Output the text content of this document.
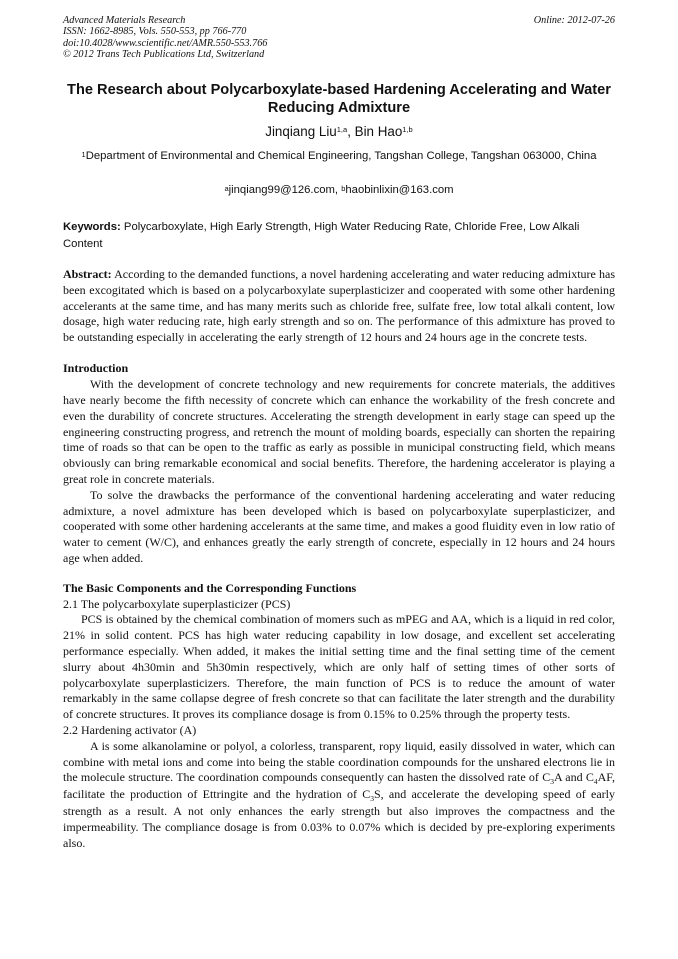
Advanced Materials Research
ISSN: 1662-8985, Vols. 550-553, pp 766-770
doi:10.4028/www.scientific.net/AMR.550-553.766
© 2012 Trans Tech Publications Ltd, Switzerland
Online: 2012-07-26
The Research about Polycarboxylate-based Hardening Accelerating and Water Reducing Admixture
Jinqiang Liu$^{1,a}$, Bin Hao$^{1,b}$
$^1$Department of Environmental and Chemical Engineering, Tangshan College, Tangshan 063000, China
$^a$jinqiang99@126.com, $^b$haobinlixin@163.com
Keywords: Polycarboxylate, High Early Strength, High Water Reducing Rate, Chloride Free, Low Alkali Content

Abstract: According to the demanded functions, a novel hardening accelerating and water reducing admixture has been excogitated which is based on a polycarboxylate superplasticizer and cooperated with some other hardening accelerants at the same time, and has many merits such as chloride free, sulfate free, low total alkali content, low dosage, high water reducing rate, high early strength and so on. The performance of this admixture has proved to be outstanding especially in accelerating the early strength of 12 hours and 24 hours age in the concrete tests.

Introduction

With the development of concrete technology and new requirements for concrete materials, the additives have nearly become the fifth necessity of concrete which can enhance the workability of the fresh concrete and even the durability of concrete structures. Accelerating the strength development in early stage can speed up the engineering constructing progress, and retrench the mount of molding boards, especially can shorten the repairing time of roads so that can be open to the traffic as early as possible in municipal constructing field, which means obviously can bring remarkable economical and social benefits. Therefore, the hardening accelerator is playing a great role in concrete materials.

To solve the drawbacks the performance of the conventional hardening accelerating and water reducing admixture, a novel admixture has been developed which is based on polycarboxylate superplasticizer, and cooperated with some other hardening accelerants at the same time, and makes a good fluidity even in low ratio of water to cement (W/C), and enhances greatly the early strength of concrete, especially in 12 hours and 24 hours age when added.

The Basic Components and the Corresponding Functions
2.1 The polycarboxylate superplasticizer (PCS)

PCS is obtained by the chemical combination of momers such as mPEG and AA, which is a liquid in red color, 21% in solid content. PCS has high water reducing capability in low dosage, and excellent set accelerating performance especially. When added, it makes the initial setting time and the final setting time of the cement slurry about 4h30min and 5h30min respectively, which are only half of setting times of other sorts of polycarboxylate superplasticizers. Therefore, the main function of PCS is to reduce the amount of water remarkably in the same collapse degree of fresh concrete so that can facilitate the later strength and the durability of concrete structures. It proves its compliance dosage is from 0.15% to 0.25% through the property tests.

2.2 Hardening activator (A)

A is some alkanolamine or polyol, a colorless, transparent, ropy liquid, easily dissolved in water, which can combine with metal ions and come into being the stable coordination compounds for the unshared electrons lie in the molecule structure. The coordination compounds consequently can hasten the dissolved rate of $C_3A$ and $C_4AF$, facilitate the production of Ettringite and the hydration of $C_3S$, and accelerate the developing speed of early strength as a result. A not only enhances the early strength but also improves the compactness and the impermeability. The compliance dosage is from 0.03% to 0.07% which is decided by pre-exploring experiments also.
